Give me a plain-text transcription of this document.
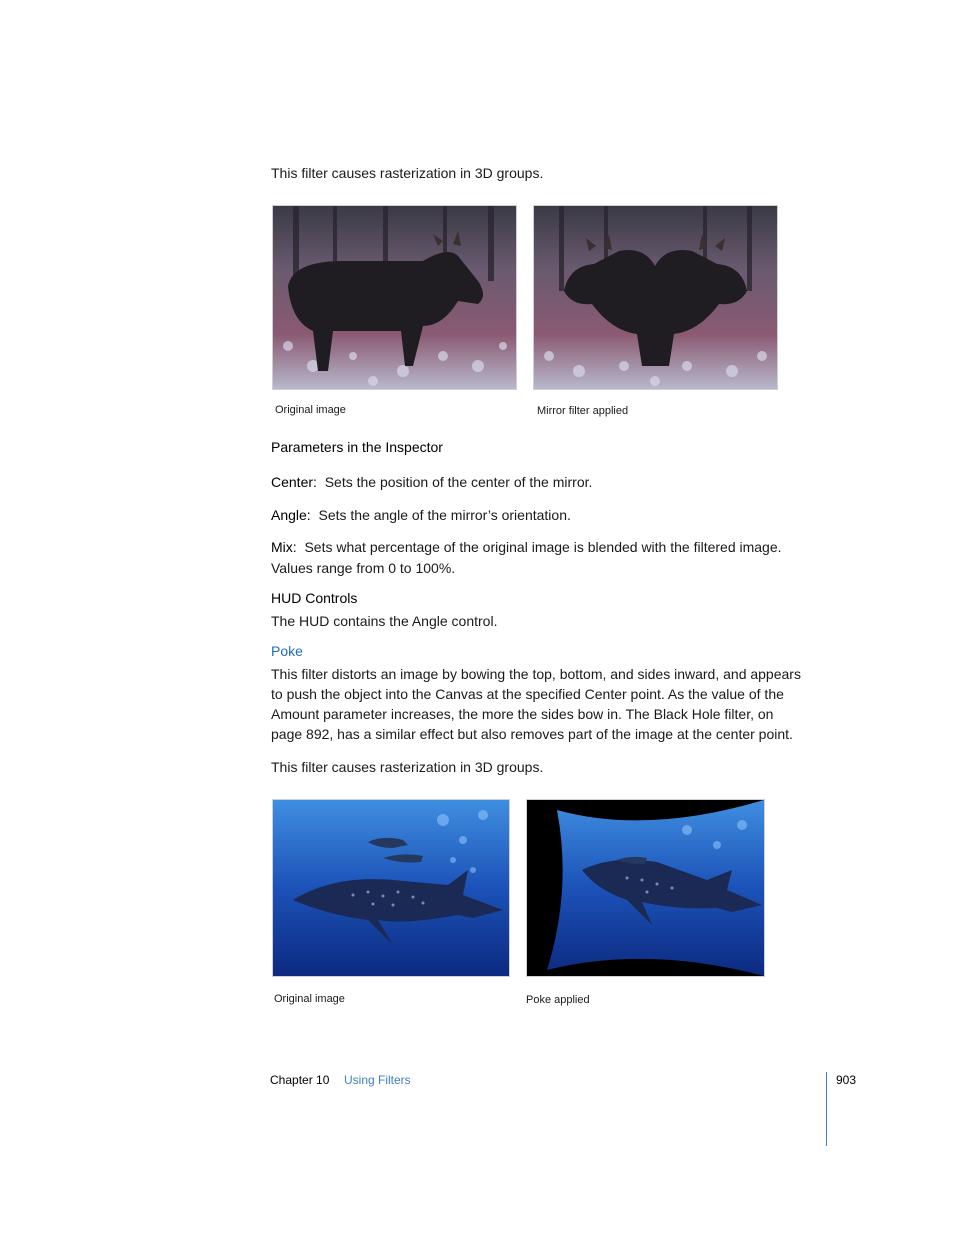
This filter causes rasterization in 3D groups.
Original image	Mirror filter applied
Parameters in the Inspector
Center: Sets the position of the center of the mirror.
Angle: Sets the angle of the mirror’s orientation.
Mix: Sets what percentage of the original image is blended with the filtered image.
Values range from 0 to 100%.
HUD Controls
The HUD contains the Angle control.
Poke
This filter distorts an image by bowing the top, bottom, and sides inward, and appears
to push the object into the Canvas at the specified Center point. As the value of the
Amount parameter increases, the more the sides bow in. The Black Hole filter, on
page 892, has a similar effect but also removes part of the image at the center point.
This filter causes rasterization in 3D groups.
Original image	Poke applied
Chapter 10 Using Filters	903
